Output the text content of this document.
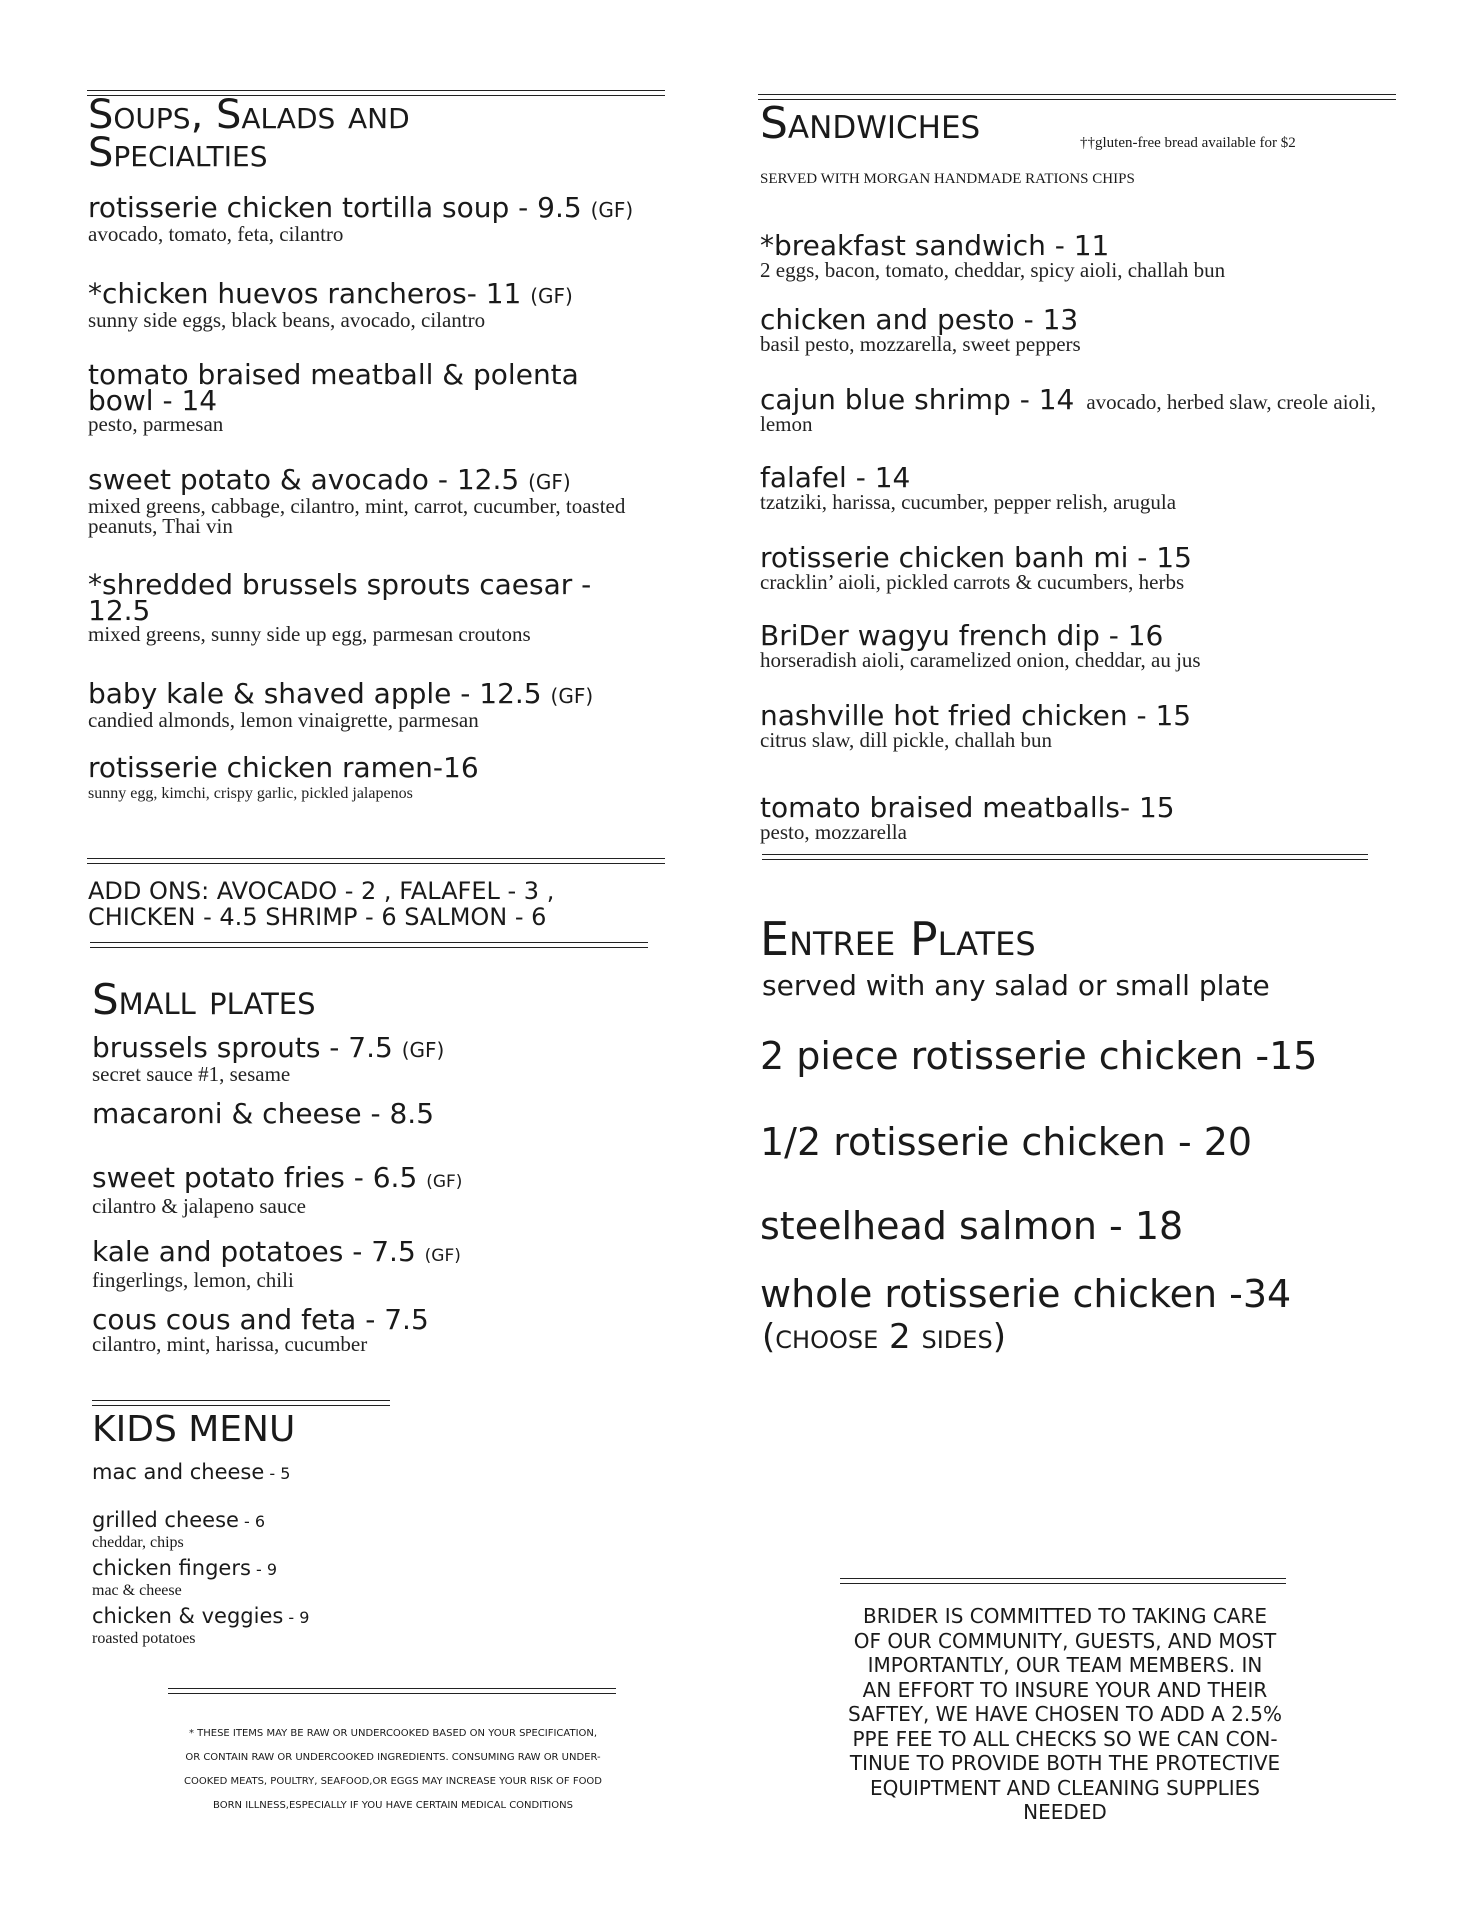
Soups, Salads and
Specialties
rotisserie chicken tortilla soup - 9.5 (GF)
avocado, tomato, feta, cilantro
*chicken huevos rancheros- 11 (GF)
sunny side eggs, black beans, avocado, cilantro
tomato braised meatball & polenta bowl - 14
pesto, parmesan
sweet potato & avocado - 12.5 (GF)
mixed greens, cabbage, cilantro, mint, carrot, cucumber, toasted peanuts, Thai vin
*shredded brussels sprouts caesar - 12.5
mixed greens, sunny side up egg, parmesan croutons
baby kale & shaved apple - 12.5 (GF)
candied almonds, lemon vinaigrette, parmesan
rotisserie chicken ramen-16
sunny egg, kimchi, crispy garlic, pickled jalapenos
ADD ONS: AVOCADO - 2 , FALAFEL - 3 ,
CHICKEN - 4.5 SHRIMP - 6 SALMON - 6
Small plates
brussels sprouts - 7.5 (GF)
secret sauce #1, sesame
macaroni & cheese - 8.5
sweet potato fries - 6.5 (GF)
cilantro & jalapeno sauce
kale and potatoes - 7.5 (GF)
fingerlings, lemon, chili
cous cous and feta - 7.5
cilantro, mint, harissa, cucumber
KIDS MENU
mac and cheese - 5
grilled cheese - 6
cheddar, chips
chicken fingers - 9
mac & cheese
chicken & veggies - 9
roasted potatoes
* THESE ITEMS MAY BE RAW OR UNDERCOOKED BASED ON YOUR SPECIFICATION,
OR CONTAIN RAW OR UNDERCOOKED INGREDIENTS. CONSUMING RAW OR UNDER-
COOKED MEATS, POULTRY, SEAFOOD,OR EGGS MAY INCREASE YOUR RISK OF FOOD
BORN ILLNESS,ESPECIALLY IF YOU HAVE CERTAIN MEDICAL CONDITIONS
Sandwiches	††gluten-free bread available for $2
SERVED WITH MORGAN HANDMADE RATIONS CHIPS
*breakfast sandwich - 11
2 eggs, bacon, tomato, cheddar, spicy aioli, challah bun
chicken and pesto - 13
basil pesto, mozzarella, sweet peppers
cajun blue shrimp - 14 avocado, herbed slaw, creole aioli, lemon
falafel - 14
tzatziki, harissa, cucumber, pepper relish, arugula
rotisserie chicken banh mi - 15
cracklin’ aioli, pickled carrots & cucumbers, herbs
BriDer wagyu french dip - 16
horseradish aioli, caramelized onion, cheddar, au jus
nashville hot fried chicken - 15
citrus slaw, dill pickle, challah bun
tomato braised meatballs- 15
pesto, mozzarella
Entree Plates
served with any salad or small plate
2 piece rotisserie chicken -15
1/2 rotisserie chicken - 20
steelhead salmon - 18
whole rotisserie chicken -34
(choose 2 sides)
BRIDER IS COMMITTED TO TAKING CARE
OF OUR COMMUNITY, GUESTS, AND MOST
IMPORTANTLY, OUR TEAM MEMBERS. IN
AN EFFORT TO INSURE YOUR AND THEIR
SAFTEY, WE HAVE CHOSEN TO ADD A 2.5%
PPE FEE TO ALL CHECKS SO WE CAN CON-
TINUE TO PROVIDE BOTH THE PROTECTIVE
EQUIPTMENT AND CLEANING SUPPLIES
NEEDED
